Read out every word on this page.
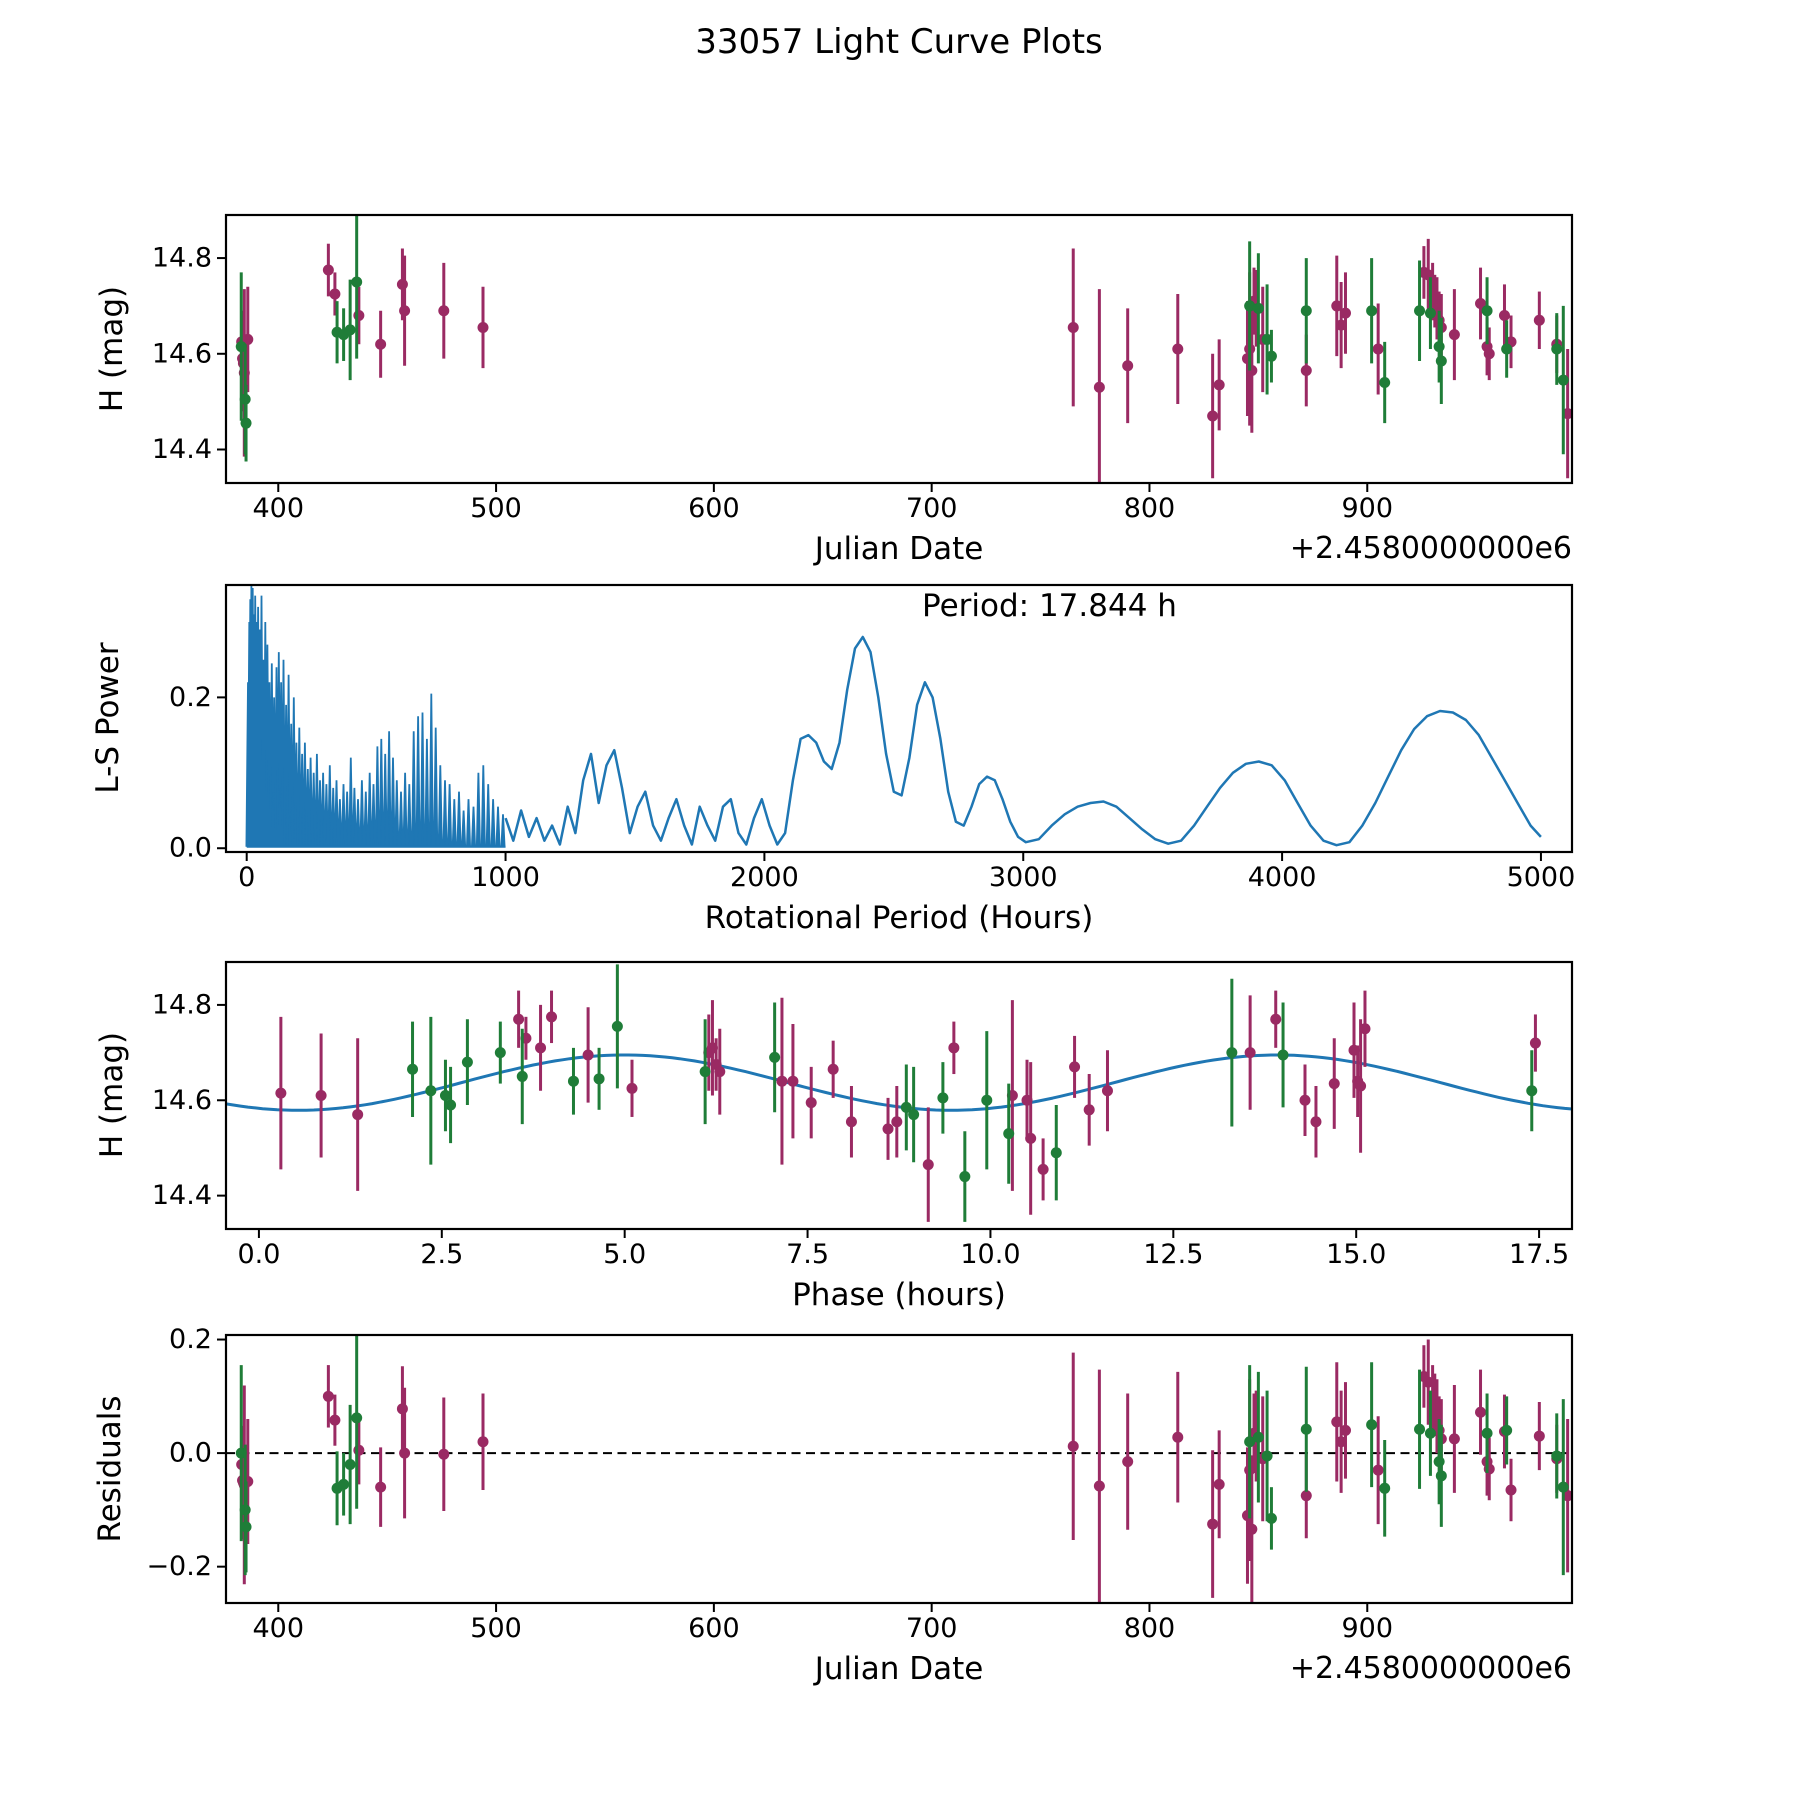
400	500	600	700	800	900
14.4
14.6
14.8
0	1000	2000	3000	4000	5000
0.0
0.2
0.0	2.5	5.0	7.5	10.0	12.5	15.0	17.5
14.4
14.6
14.8
400	500	600	700	800	900
−0.2
0.0
0.2
33057 Light Curve Plots
H (mag)
Julian Date	+2.4580000000e6
L-S Power
Rotational Period (Hours)
Period: 17.844 h
H (mag)
Phase (hours)
Residuals
Julian Date	+2.4580000000e6
